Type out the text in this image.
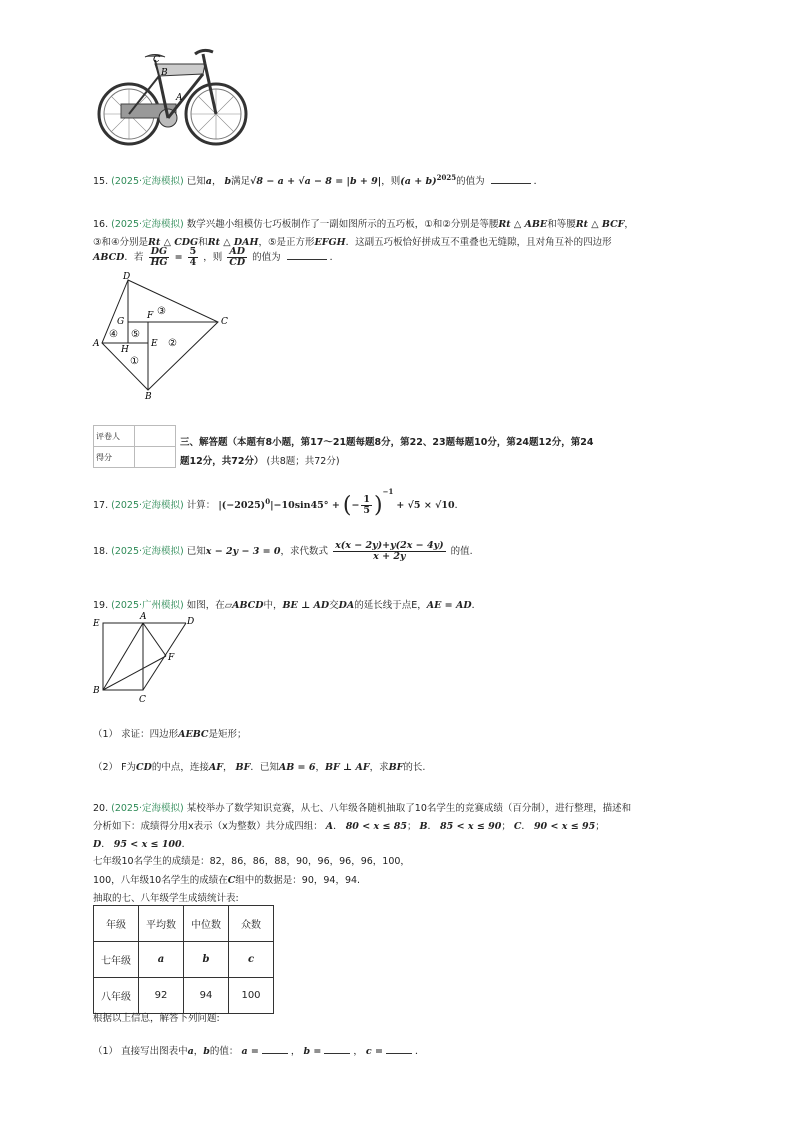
C
B
A
15. (2025·定海模拟) 已知a， b满足√8 − a + √a − 8 = |b + 9|，则$(a + b)^{2025}$的值为	．
16. (2025·定海模拟) 数学兴趣小组模仿七巧板制作了一副如图所示的五巧板，①和②分别是等腰Rt △ ABE和等腰Rt △ BCF，
③和④分别是Rt △ CDG和Rt △ DAH，⑤是正方形EFGH．这副五巧板恰好拼成互不重叠也无缝隙，且对角互补的四边形
ABCD．若 $\frac{DG}{HG} = \frac{5}{4}$ ，则 $\frac{AD}{CD}$ 的值为	．
D
C
A
B
E
F
G
H
①
②
③
④ ⑤
评卷人	
得分	
三、解答题（本题有8小题，第17～21题每题8分，第22、23题每题10分，第24题12分，第24
题12分，共72分） (共8题；共72分)
17. (2025·定海模拟) 计算： $|(-2025)^0|-10\sin 45^\circ$ + (− $\frac{1}{5} )^{-1} + √5 \times √10$．
18. (2025·定海模拟) 已知x − 2y − 3 = 0，求代数式 $\frac{x(x - 2y)+y(2x - 4y)}{x + 2y}$ 的值.
19. (2025·广州模拟) 如图，在▱ABCD中，BE ⊥ AD交DA的延长线于点E，AE = AD．
E
A	D
F
B
C
（1） 求证：四边形AEBC是矩形；
（2） F为CD的中点，连接AF， BF．已知AB = 6，BF ⊥ AF，求BF的长.
20. (2025·定海模拟) 某校举办了数学知识竞赛，从七、八年级各随机抽取了10名学生的竞赛成绩（百分制），进行整理，描述和
分析如下：成绩得分用x表示（x为整数）共分成四组： A． 80 < x ≤ 85； B． 85 < x ≤ 90； C． 90 < x ≤ 95；
D． 95 < x ≤ 100．
七年级10名学生的成绩是：82，86，86，88，90，96，96，96，100，
100，八年级10名学生的成绩在C组中的数据是：90，94，94.
抽取的七、八年级学生成绩统计表:
年级	平均数	中位数	众数
七年级	a	b	c
八年级	92	94	100
根据以上信息，解答下列问题:
（1） 直接写出图表中a，b的值： a =	， b =	， c =	．
